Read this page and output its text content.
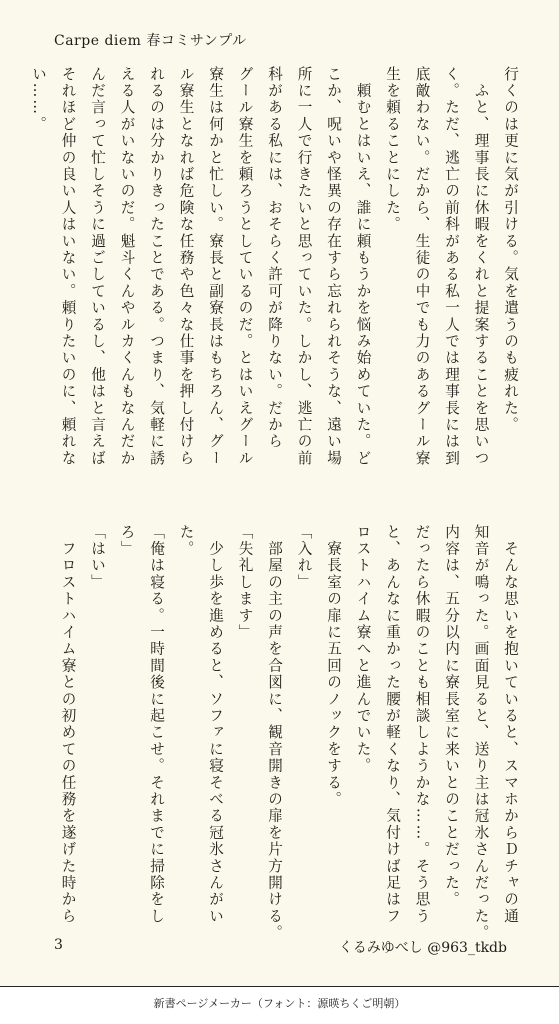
Carpe diem 春コミサンプル
行くのは更に気が引ける。気を遣うのも疲れた。
　ふと、理事長に休暇をくれと提案することを思いつ
く。ただ、逃亡の前科がある私一人では理事長には到
底敵わない。だから、生徒の中でも力のあるグール寮
生を頼ることにした。
　頼むとはいえ、誰に頼もうかを悩み始めていた。ど
こか、呪いや怪異の存在すら忘れられそうな、遠い場
所に一人で行きたいと思っていた。しかし、逃亡の前
科がある私には、おそらく許可が降りない。だから
グール寮生を頼ろうとしているのだ。とはいえグール
寮生は何かと忙しい。寮長と副寮長はもちろん、グー
ル寮生となれば危険な任務や色々な仕事を押し付けら
れるのは分かりきったことである。つまり、気軽に誘
える人がいないのだ。魁斗くんやルカくんもなんだか
んだ言って忙しそうに過ごしているし、他はと言えば
それほど仲の良い人はいない。頼りたいのに、頼れな
い……。
　そんな思いを抱いていると、スマホからＤチャの通
知音が鳴った。画面見ると、送り主は冠氷さんだった。
内容は、五分以内に寮長室に来いとのことだった。
だったら休暇のことも相談しようかな……。そう思う
と、あんなに重かった腰が軽くなり、気付けば足はフ
ロストハイム寮へと進んでいた。
　寮長室の扉に五回のノックをする。
「入れ」
　部屋の主の声を合図に、観音開きの扉を片方開ける。
「失礼します」
　少し歩を進めると、ソファに寝そべる冠氷さんがい
た。
「俺は寝る。一時間後に起こせ。それまでに掃除をし
ろ」
「はい」
　フロストハイム寮との初めての任務を遂げた時から
3	くるみゆべし @963_tkdb
新書ページメーカー（フォント：源暎ちくご明朝）
